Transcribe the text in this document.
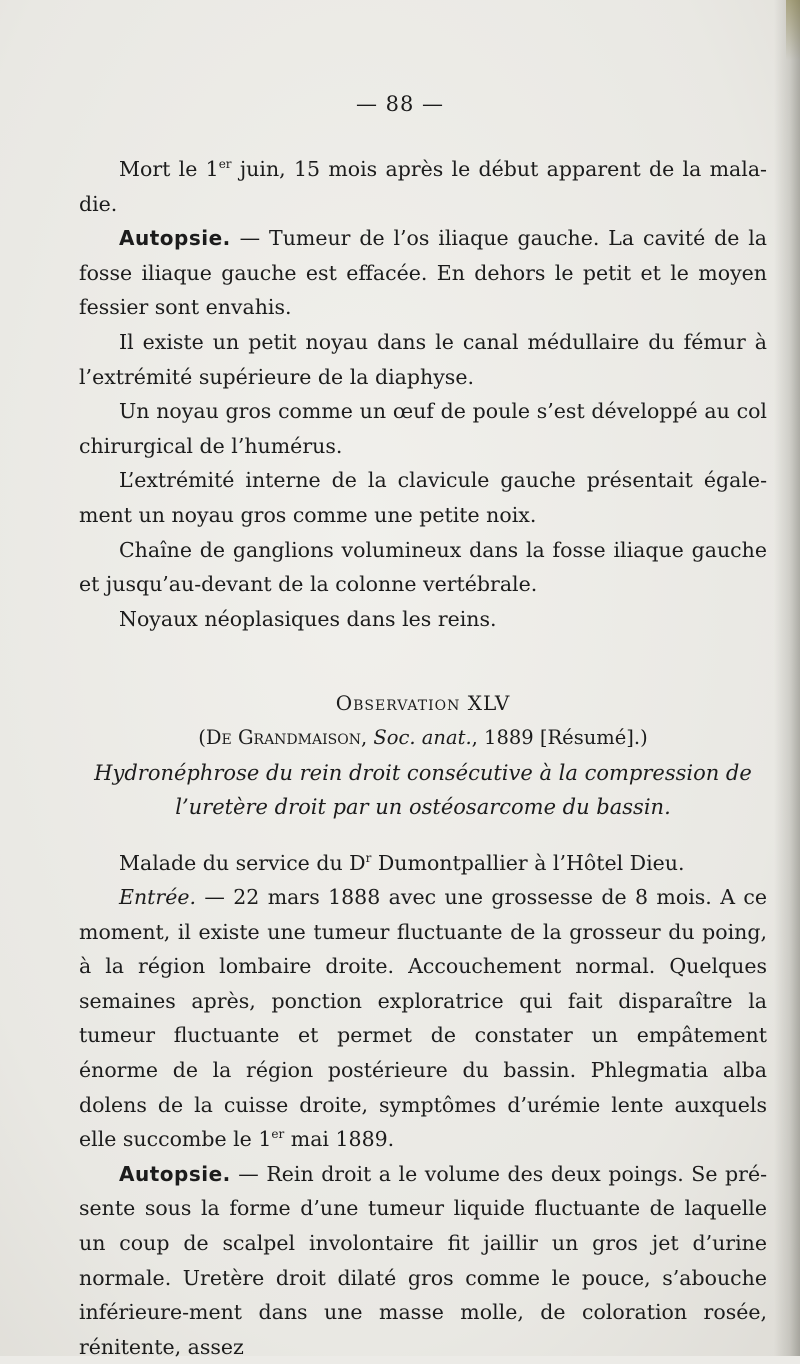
— 88 —

Mort le 1er juin, 15 mois après le début apparent de la mala-die.

Autopsie. — Tumeur de l’os iliaque gauche. La cavité de la fosse iliaque gauche est effacée. En dehors le petit et le moyen fessier sont envahis.

Il existe un petit noyau dans le canal médullaire du fémur à l’extrémité supérieure de la diaphyse.

Un noyau gros comme un œuf de poule s’est développé au col chirurgical de l’humérus.

L’extrémité interne de la clavicule gauche présentait égale-ment un noyau gros comme une petite noix.

Chaîne de ganglions volumineux dans la fosse iliaque gauche et jusqu’au-devant de la colonne vertébrale.

Noyaux néoplasiques dans les reins.

Observation XLV

(De Grandmaison, Soc. anat., 1889 [Résumé].)

Hydronéphrose du rein droit consécutive à la compression de l’uretère droit par un ostéosarcome du bassin.

Malade du service du $D^r$ Dumontpallier à l’Hôtel Dieu.

Entrée. — 22 mars 1888 avec une grossesse de 8 mois. A ce moment, il existe une tumeur fluctuante de la grosseur du poing, à la région lombaire droite. Accouchement normal. Quelques semaines après, ponction exploratrice qui fait disparaître la tumeur fluctuante et permet de constater un empâtement énorme de la région postérieure du bassin. Phlegmatia alba dolens de la cuisse droite, symptômes d’urémie lente auxquels elle succombe le 1er mai 1889.

Autopsie. — Rein droit a le volume des deux poings. Se pré-sente sous la forme d’une tumeur liquide fluctuante de laquelle un coup de scalpel involontaire fit jaillir un gros jet d’urine normale. Uretère droit dilaté gros comme le pouce, s’abouche inférieure-ment dans une masse molle, de coloration rosée, rénitente, assez
